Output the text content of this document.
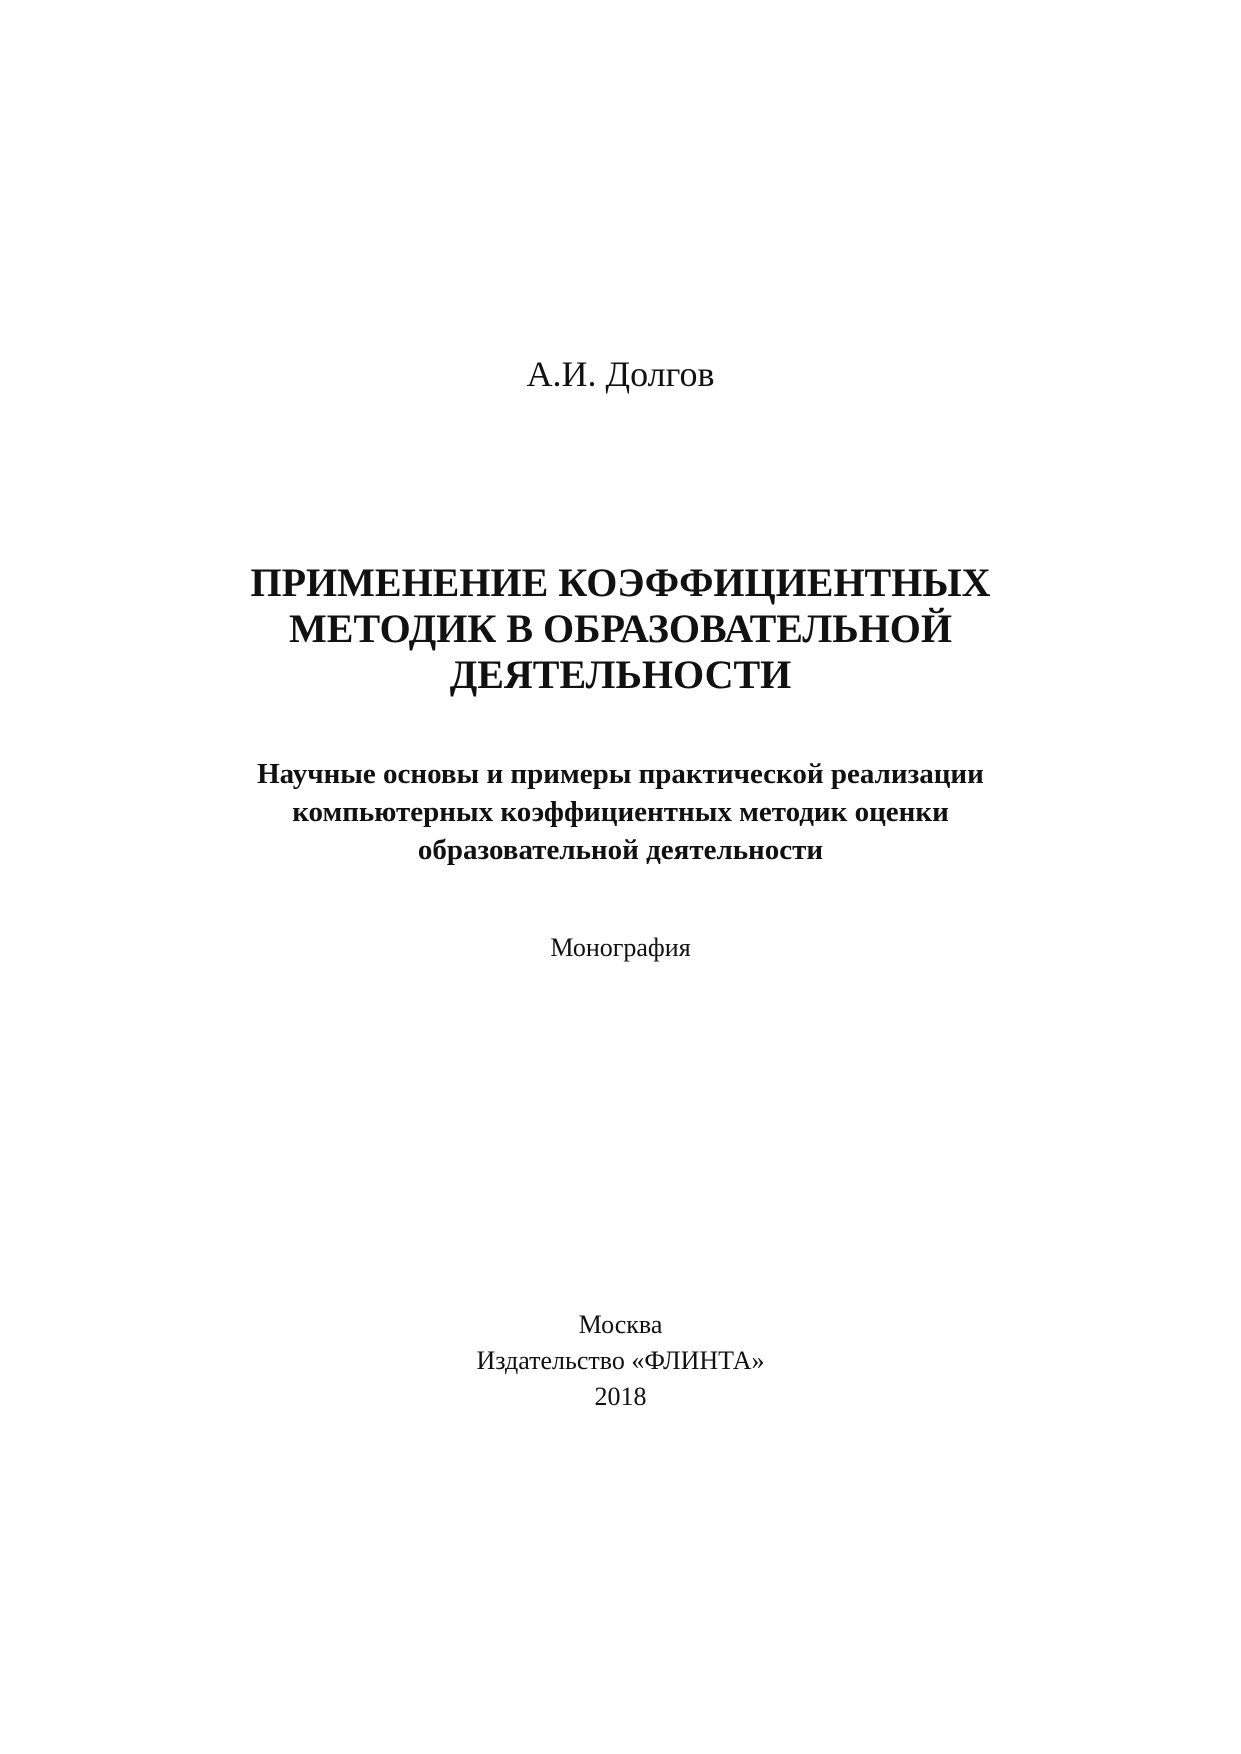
А.И. Долгов
ПРИМЕНЕНИЕ КОЭФФИЦИЕНТНЫХ
МЕТОДИК В ОБРАЗОВАТЕЛЬНОЙ
ДЕЯТЕЛЬНОСТИ
Научные основы и примеры практической реализации
компьютерных коэффициентных методик оценки
образовательной деятельности
Монография
Москва
Издательство «ФЛИНТА»
2018
